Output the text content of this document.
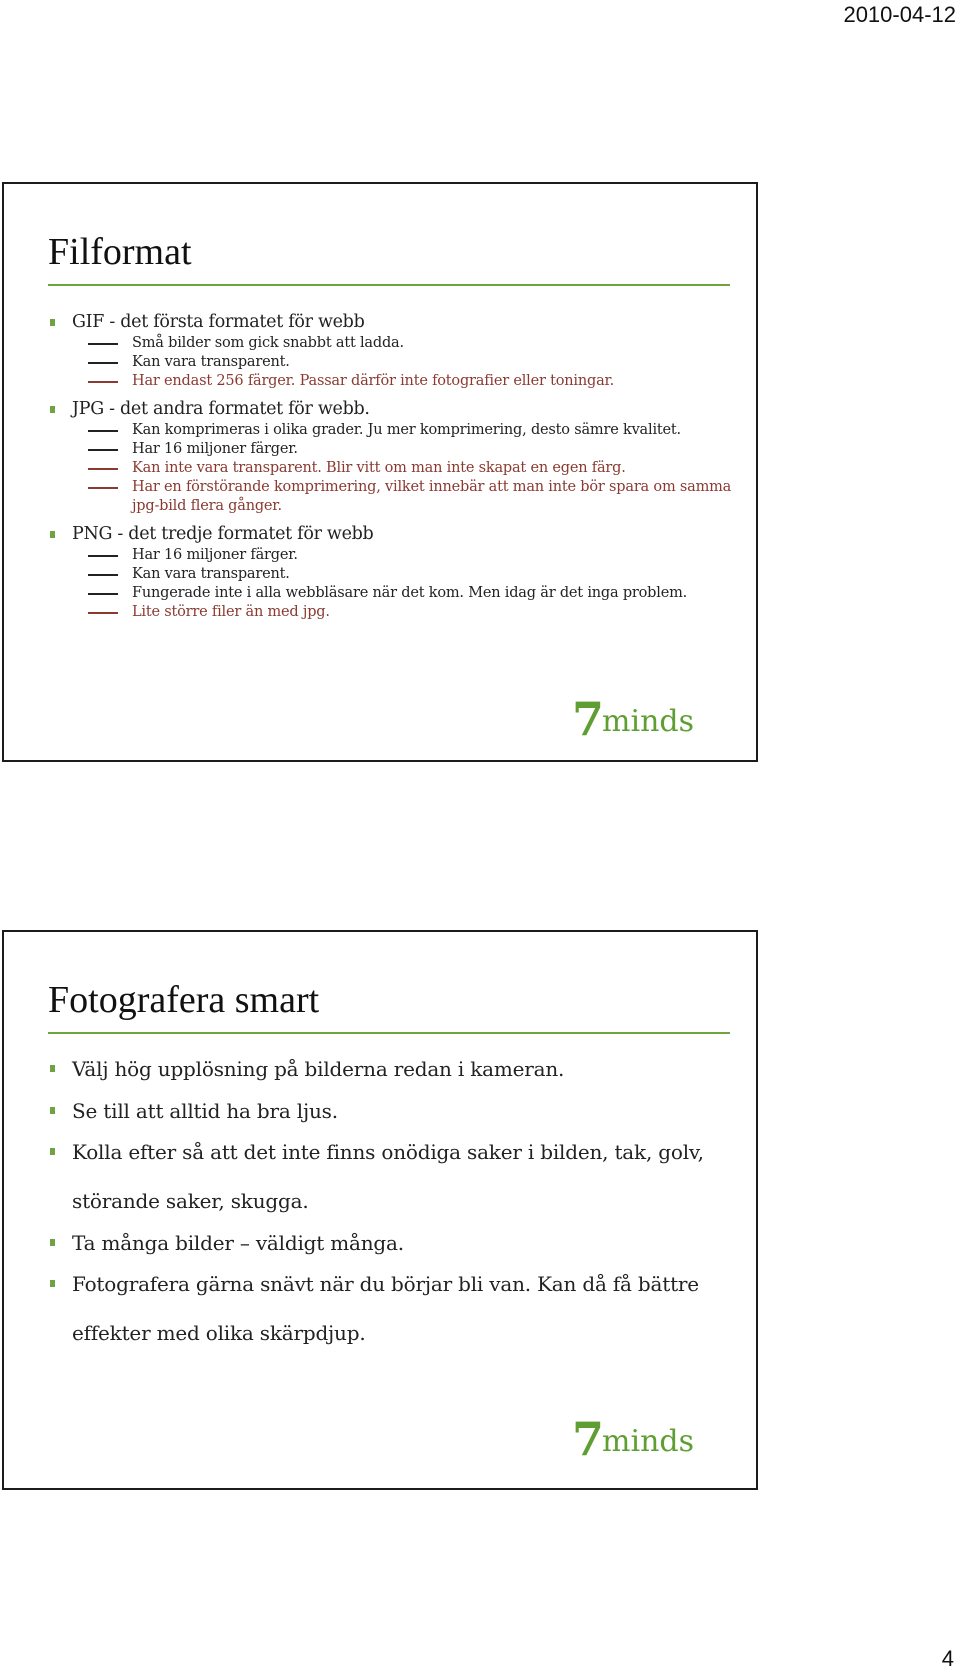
2010-04-12
Filformat
GIF - det första formatet för webb
Små bilder som gick snabbt att ladda.
Kan vara transparent.
Har endast 256 färger. Passar därför inte fotografier eller toningar.
JPG - det andra formatet för webb.
Kan komprimeras i olika grader. Ju mer komprimering, desto sämre kvalitet.
Har 16 miljoner färger.
Kan inte vara transparent. Blir vitt om man inte skapat en egen färg.
Har en förstörande komprimering, vilket innebär att man inte bör spara om samma jpg-bild flera gånger.
PNG - det tredje formatet för webb
Har 16 miljoner färger.
Kan vara transparent.
Fungerade inte i alla webbläsare när det kom. Men idag är det inga problem.
Lite större filer än med jpg.
7minds
Fotografera smart
Välj hög upplösning på bilderna redan i kameran.
Se till att alltid ha bra ljus.
Kolla efter så att det inte finns onödiga saker i bilden, tak, golv, störande saker, skugga.
Ta många bilder – väldigt många.
Fotografera gärna snävt när du börjar bli van. Kan då få bättre effekter med olika skärpdjup.
7minds
4
